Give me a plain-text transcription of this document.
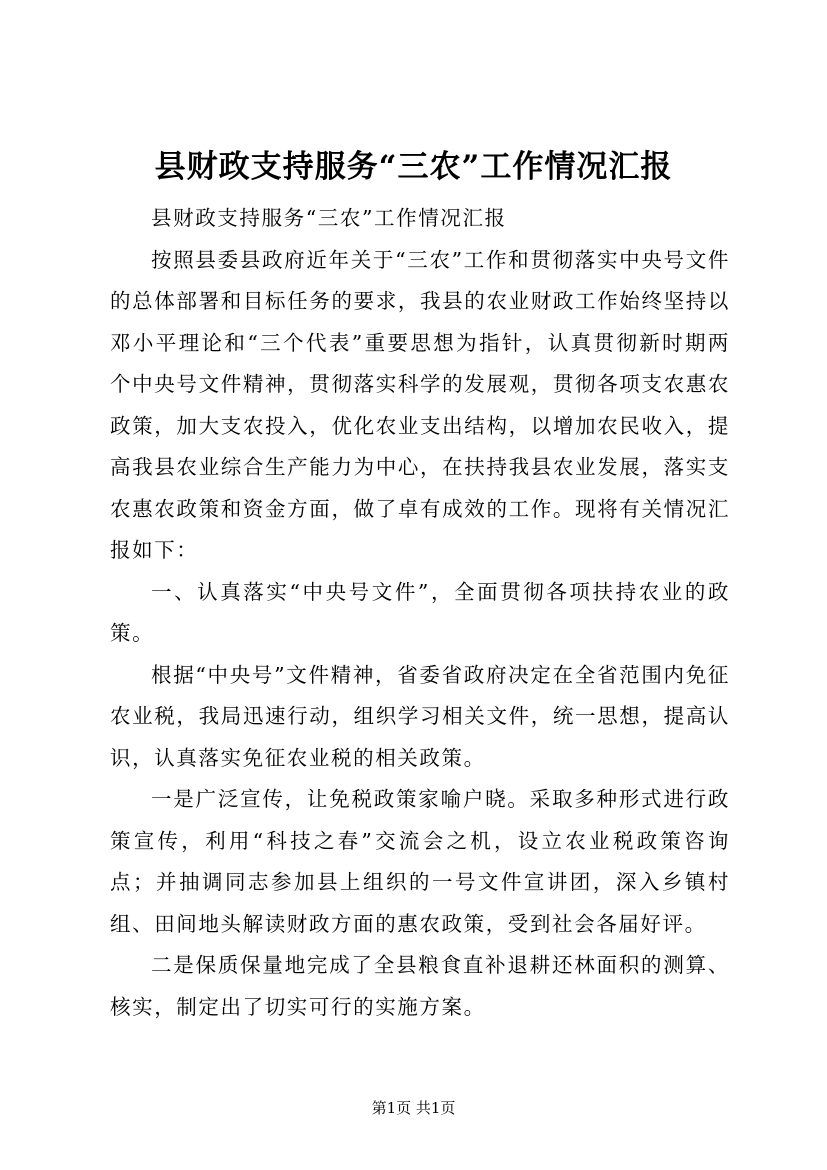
县财政支持服务“三农”工作情况汇报

县财政支持服务“三农”工作情况汇报

按照县委县政府近年关于“三农”工作和贯彻落实中央号文件的总体部署和目标任务的要求，我县的农业财政工作始终坚持以邓小平理论和“三个代表”重要思想为指针，认真贯彻新时期两个中央号文件精神，贯彻落实科学的发展观，贯彻各项支农惠农政策，加大支农投入，优化农业支出结构，以增加农民收入，提高我县农业综合生产能力为中心，在扶持我县农业发展，落实支农惠农政策和资金方面，做了卓有成效的工作。现将有关情况汇报如下：

一、认真落实“中央号文件”，全面贯彻各项扶持农业的政策。

根据“中央号”文件精神，省委省政府决定在全省范围内免征农业税，我局迅速行动，组织学习相关文件，统一思想，提高认识，认真落实免征农业税的相关政策。

一是广泛宣传，让免税政策家喻户晓。采取多种形式进行政策宣传，利用“科技之春”交流会之机，设立农业税政策咨询点；并抽调同志参加县上组织的一号文件宣讲团，深入乡镇村组、田间地头解读财政方面的惠农政策，受到社会各届好评。

二是保质保量地完成了全县粮食直补退耕还林面积的测算、核实，制定出了切实可行的实施方案。

第1页 共1页
